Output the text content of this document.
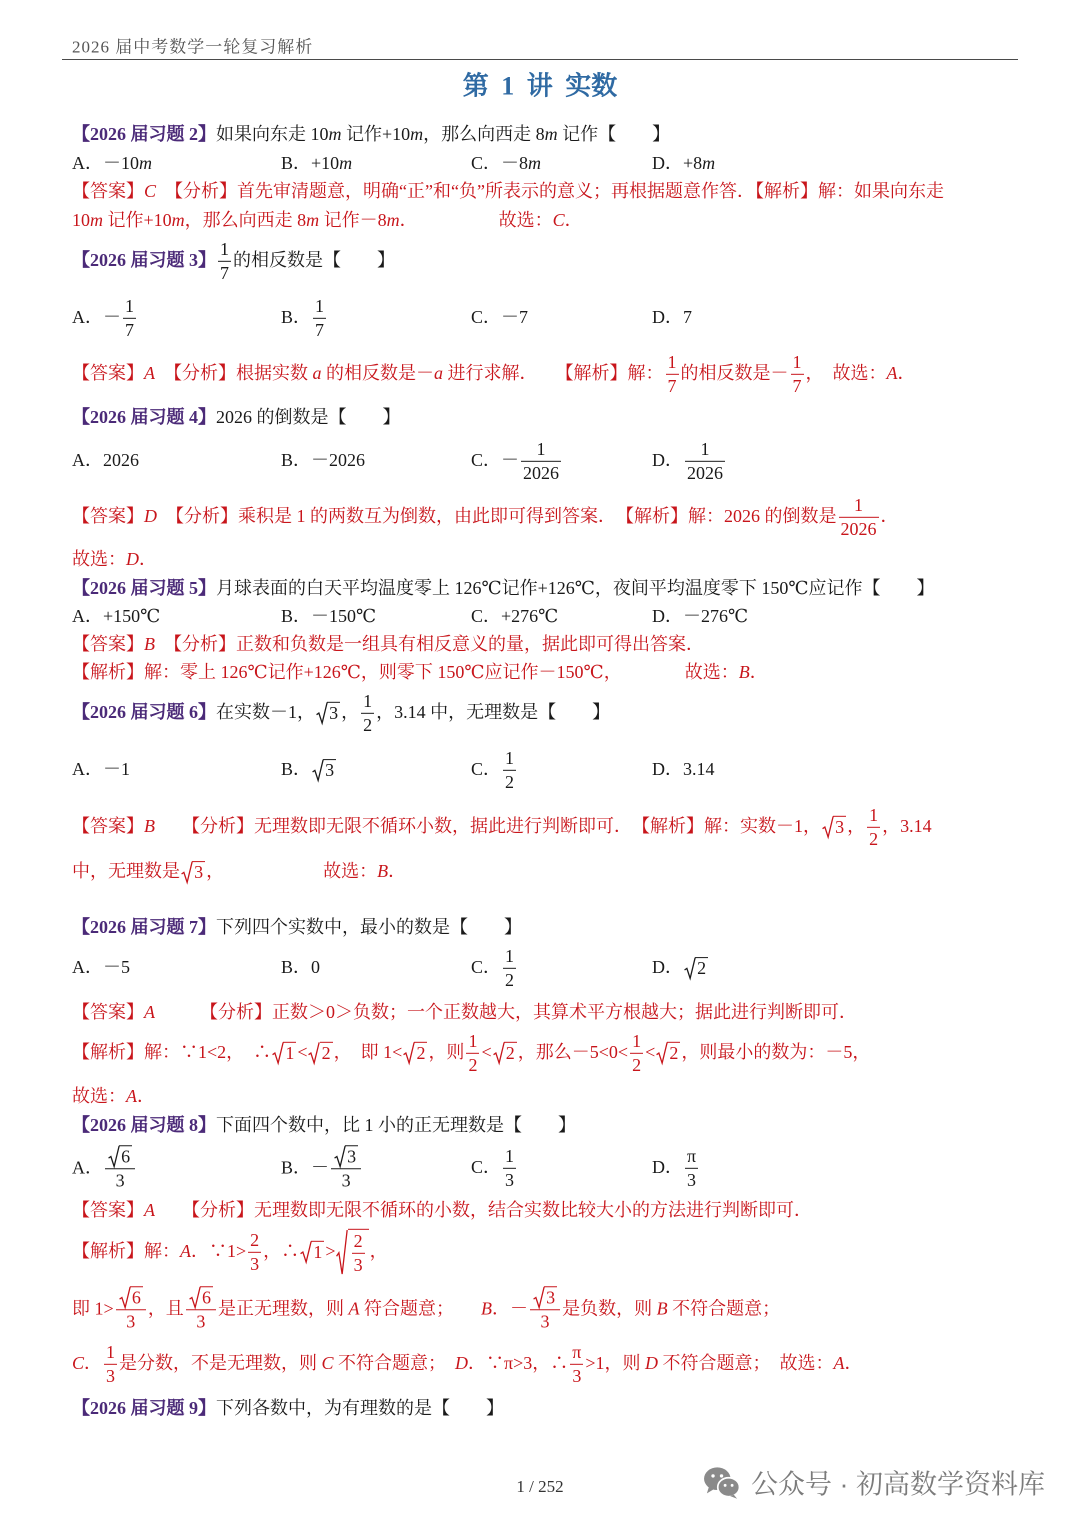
2026 届中考数学一轮复习解析
第 1 讲 实数
【2026 届习题 2】 如果向东走 10 m 记作+10 m ，那么向西走 8 m 记作【　　】
A．－10 m	B．+10 m	C．－8 m	D．+8 m
【答案】 C 　【分析】首先审清题意，明确“正”和“负”所表示的意义；再根据题意作答．【解析】解：如果向东走
10 m 记作+10 m ，那么向西走 8 m 记作－8 m ．　　　　　故选： C ．
【2026 届习题 3】 $\frac{1}{7}$ 的相反数是【　　】
A．－ $\frac{1}{7}$	B． $\frac{1}{7}$	C．－7	D．7
【答案】 A 　【分析】根据实数 a 的相反数是－ a 进行求解．　　【解析】解： $\frac{1}{7}$ 的相反数是－ $\frac{1}{7}$ ，　故选： A ．
【2026 届习题 4】 2026 的倒数是【　　】
A．2026	B．－2026	C．－ $\frac{1}{2026}$	D． $\frac{1}{2026}$
【答案】 D 　【分析】乘积是 1 的两数互为倒数，由此即可得到答案．　【解析】解：2026 的倒数是 $\frac{1}{2026}$ ．
故选： D ．
【2026 届习题 5】 月球表面的白天平均温度零上 126℃记作+126℃，夜间平均温度零下 150℃应记作【　　】
A．+150℃	B．－150℃	C．+276℃	D．－276℃
【答案】 B 　【分析】正数和负数是一组具有相反意义的量，据此即可得出答案．
【解析】解：零上 126℃记作+126℃，则零下 150℃应记作－150℃，　　　　故选： B ．
【2026 届习题 6】 在实数－1， 3 ， $\frac{1}{2}$ ，3.14 中，无理数是【　　】
A．－1	B． 3	C． $\frac{1}{2}$	D．3.14
【答案】 B 　　【分析】无理数即无限不循环小数，据此进行判断即可．　【解析】解：实数－1， 3 ， $\frac{1}{2}$ ，3.14
中，无理数是 3 ，　　　　　　故选： B ．
【2026 届习题 7】 下列四个实数中，最小的数是【　　】
A．－5	B．0	C． $\frac{1}{2}$	D． 2
【答案】 A 　　　【分析】正数＞0＞负数；一个正数越大，其算术平方根越大；据此进行判断即可．
【解析】解：∵1<2，　∴ 1 < 2 ，　即 1< 2 ，则 $\frac{1}{2} < 2$ ，那么$-5<0< \frac{1}{2} < 2$ ，则最小的数为：－5，
故选： A ．
【2026 届习题 8】 下面四个数中，比 1 小的正无理数是【　　】
A． $\frac{6}{3}$	B．－ $\frac{3}{3}$	C． $\frac{1}{3}$	D． $\frac{\pi}{3}$
【答案】 A 　　【分析】无理数即无限不循环的小数，结合实数比较大小的方法进行判断即可．
【解析】解： A ．∵1> $\frac{2}{3}$ ，∴ $1 > \frac{2}{3}$ ，
即 $1> \frac{6}{3}$ ，且 $\frac{6}{3}$ 是正无理数，则 A 符合题意；　　 B ．－ $\frac{3}{3}$ 是负数，则 B 不符合题意；
C ． $\frac{1}{3}$ 是分数，不是无理数，则 C 不符合题意；　 D ．∵π>3，∴ $\frac{\pi}{3} >1$，则 D 不符合题意；　故选： A ．
【2026 届习题 9】 下列各数中，为有理数的是【　　】
1 / 252	公众号 · 初高数学资料库
